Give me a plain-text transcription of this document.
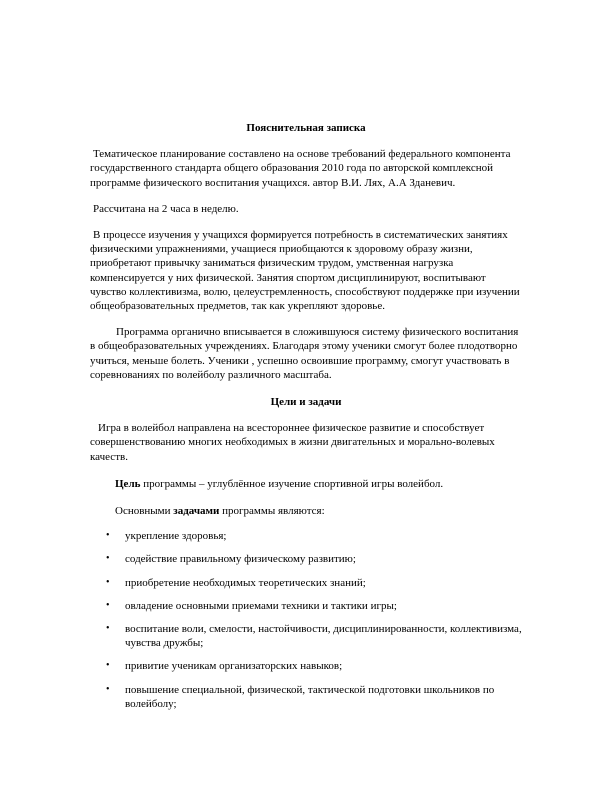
Пояснительная записка

Тематическое планирование составлено на основе требований федерального компонента государственного стандарта общего образования 2010 года по авторской комплексной программе физического воспитания учащихся. автор В.И. Лях, А.А Зданевич.

Рассчитана на 2 часа в неделю.

В процессе изучения у учащихся формируется потребность в систематических занятиях физическими упражнениями, учащиеся приобщаются к здоровому образу жизни, приобретают привычку заниматься физическим трудом, умственная нагрузка компенсируется у них физической. Занятия спортом дисциплинируют, воспитывают чувство коллективизма, волю, целеустремленность, способствуют поддержке при изучении общеобразовательных предметов, так как укрепляют здоровье.

Программа органично вписывается в сложившуюся систему физического воспитания в общеобразовательных учреждениях. Благодаря этому ученики смогут более плодотворно учиться, меньше болеть. Ученики , успешно освоившие программу, смогут участвовать в соревнованиях по волейболу различного масштаба.

Цели и задачи

Игра в волейбол направлена на всестороннее физическое развитие и способствует совершенствованию многих необходимых в жизни двигательных и морально-волевых качеств.

Цель программы – углублённое изучение спортивной игры волейбол.

Основными задачами программы являются:

• укрепление здоровья;
• содействие правильному физическому развитию;
• приобретение необходимых теоретических знаний;
• овладение основными приемами техники и тактики игры;
• воспитание воли, смелости, настойчивости, дисциплинированности, коллективизма, чувства дружбы;
• привитие ученикам организаторских навыков;
• повышение специальной, физической, тактической подготовки школьников по волейболу;
